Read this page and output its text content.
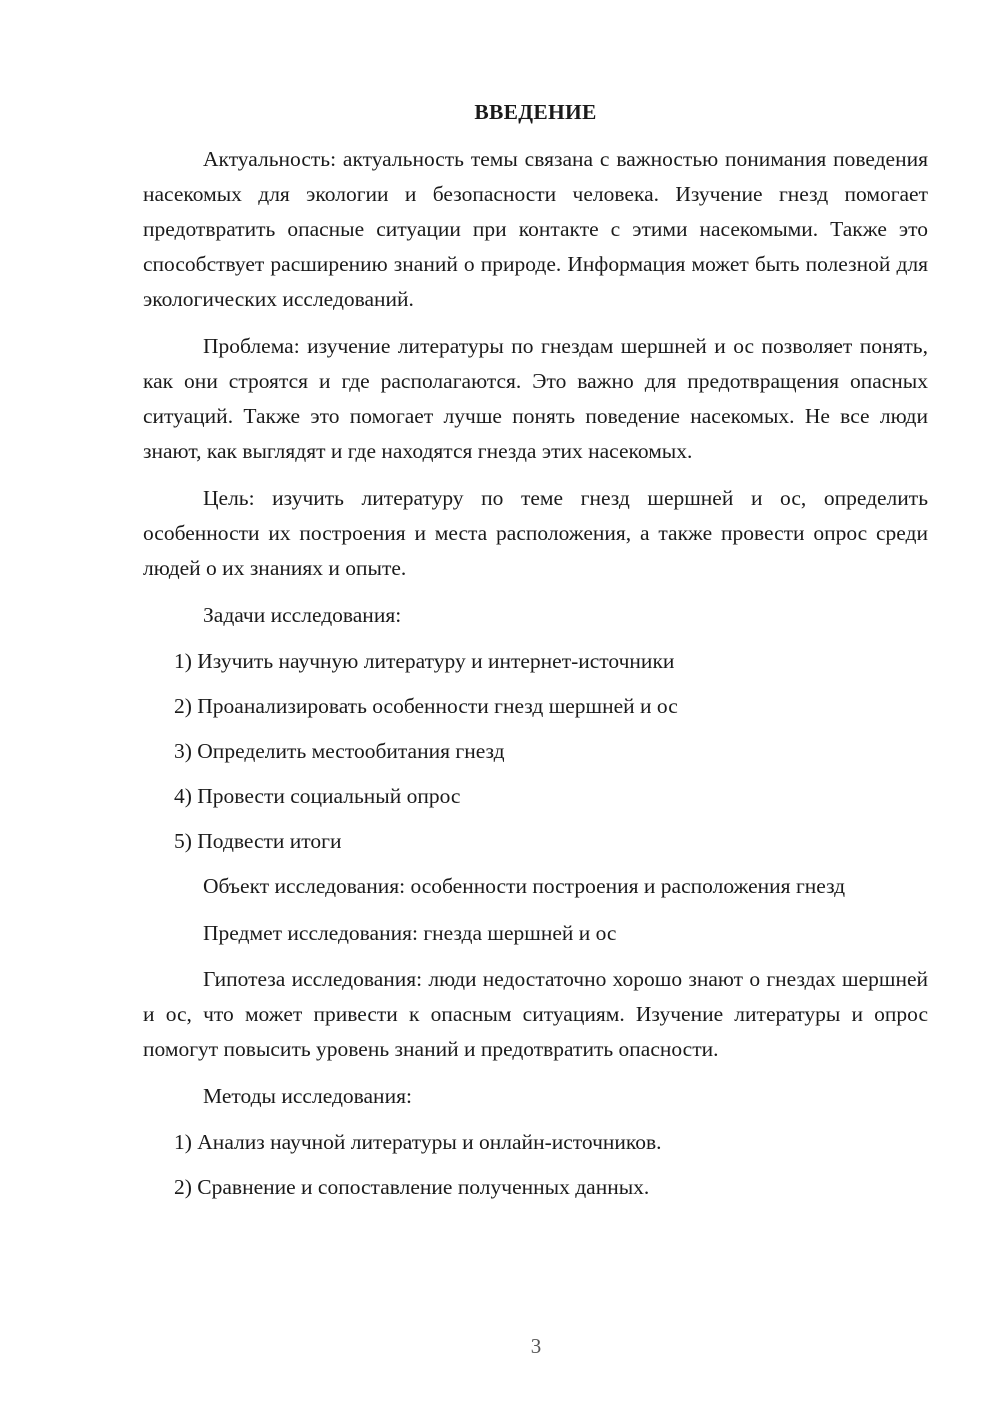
ВВЕДЕНИЕ

Актуальность: актуальность темы связана с важностью понимания поведения насекомых для экологии и безопасности человека. Изучение гнезд помогает предотвратить опасные ситуации при контакте с этими насекомыми. Также это способствует расширению знаний о природе. Информация может быть полезной для экологических исследований.

Проблема: изучение литературы по гнездам шершней и ос позволяет понять, как они строятся и где располагаются. Это важно для предотвращения опасных ситуаций. Также это помогает лучше понять поведение насекомых. Не все люди знают, как выглядят и где находятся гнезда этих насекомых.

Цель: изучить литературу по теме гнезд шершней и ос, определить особенности их построения и места расположения, а также провести опрос среди людей о их знаниях и опыте.

Задачи исследования:
1) Изучить научную литературу и интернет-источники
2) Проанализировать особенности гнезд шершней и ос
3) Определить местообитания гнезд
4) Провести социальный опрос
5) Подвести итоги

Объект исследования: особенности построения и расположения гнезд

Предмет исследования: гнезда шершней и ос

Гипотеза исследования: люди недостаточно хорошо знают о гнездах шершней и ос, что может привести к опасным ситуациям. Изучение литературы и опрос помогут повысить уровень знаний и предотвратить опасности.

Методы исследования:
1) Анализ научной литературы и онлайн-источников.
2) Сравнение и сопоставление полученных данных.
3
